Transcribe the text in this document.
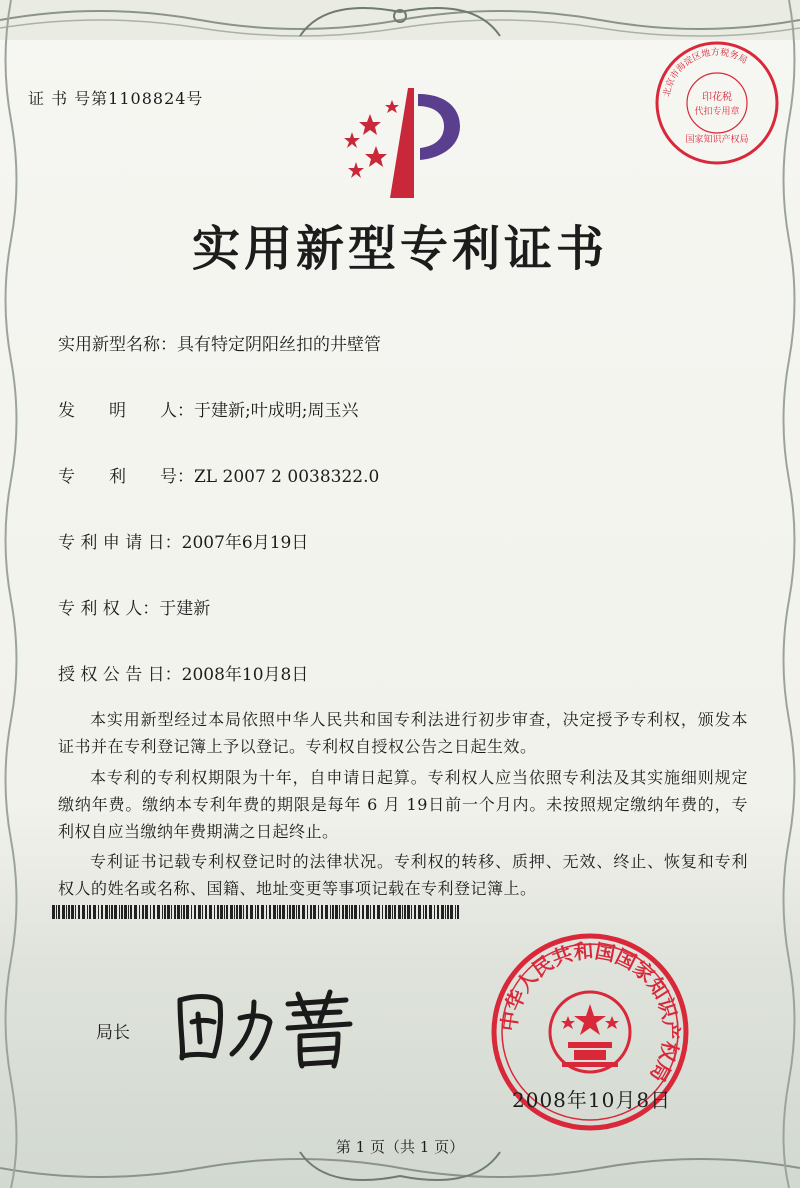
证 书 号第1108824号	北京市海淀区地方税务局
印花税
代扣专用章
国家知识产权局
实用新型专利证书
实用新型名称：具有特定阴阳丝扣的井壁管
发　　明　　人：于建新;叶成明;周玉兴
专　　利　　号：ZL 2007 2 0038322.0
专 利 申 请 日：2007年6月19日
专 利 权 人：于建新
授 权 公 告 日：2008年10月8日
本实用新型经过本局依照中华人民共和国专利法进行初步审查，决定授予专利权，颁发本证书并在专利登记簿上予以登记。专利权自授权公告之日起生效。
本专利的专利权期限为十年，自申请日起算。专利权人应当依照专利法及其实施细则规定缴纳年费。缴纳本专利年费的期限是每年 6 月 19日前一个月内。未按照规定缴纳年费的，专利权自应当缴纳年费期满之日起终止。
专利证书记载专利权登记时的法律状况。专利权的转移、质押、无效、终止、恢复和专利权人的姓名或名称、国籍、地址变更等事项记载在专利登记簿上。
局长
中华人民共和国国家知识产权局
2008年10月8日
第 1 页（共 1 页）
